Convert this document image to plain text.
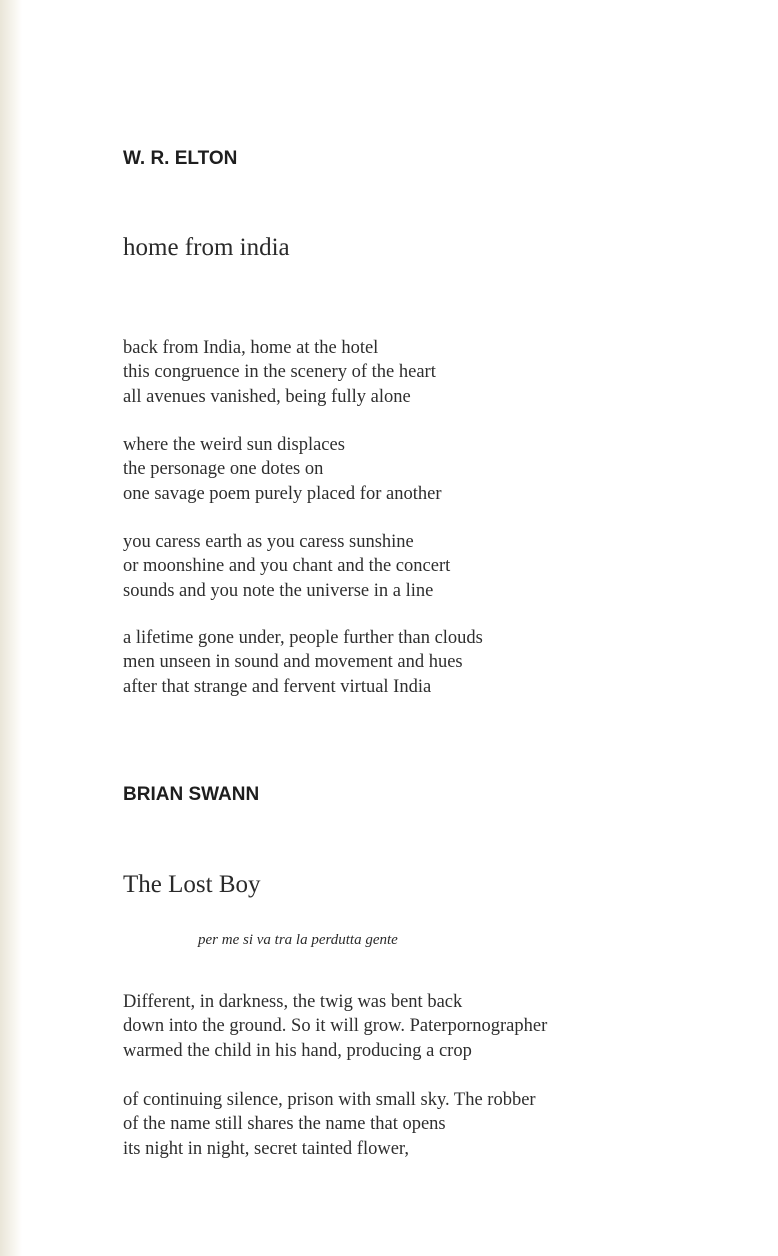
W. R. ELTON
home from india
back from India, home at the hotel
this congruence in the scenery of the heart
all avenues vanished, being fully alone
where the weird sun displaces
the personage one dotes on
one savage poem purely placed for another
you caress earth as you caress sunshine
or moonshine and you chant and the concert
sounds and you note the universe in a line
a lifetime gone under, people further than clouds
men unseen in sound and movement and hues
after that strange and fervent virtual India
BRIAN SWANN
The Lost Boy

per me si va tra la perdutta gente

Different, in darkness, the twig was bent back
down into the ground. So it will grow. Paterpornographer
warmed the child in his hand, producing a crop
of continuing silence, prison with small sky. The robber
of the name still shares the name that opens
its night in night, secret tainted flower,
